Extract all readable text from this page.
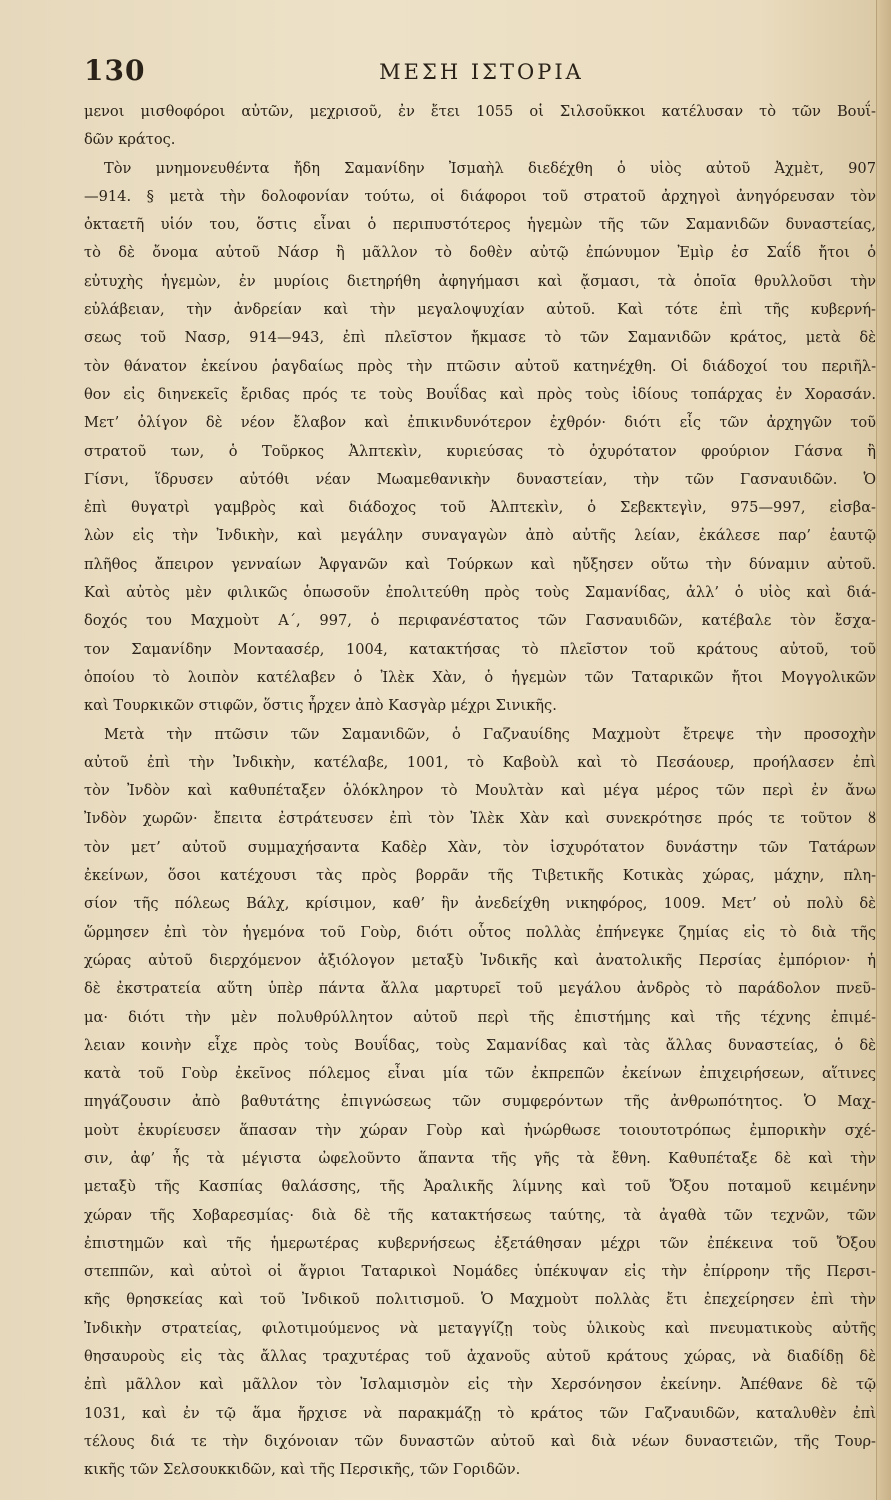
130	ΜΕΣΗ ΙΣΤΟΡΙΑ
μενοι μισθοφόροι αὐτῶν, μεχρισοῦ, ἐν ἔτει 1055 οἱ Σιλσοῦκκοι κατέλυσαν τὸ τῶν Βουΐ-
δῶν κράτος.
Τὸν μνημονευθέντα ἤδη Σαμανίδην Ἰσμαὴλ διεδέχθη ὁ υἱὸς αὐτοῦ Ἀχμὲτ, 907
—914. § μετὰ τὴν δολοφονίαν τούτω, οἱ διάφοροι τοῦ στρατοῦ ἀρχηγοὶ ἀνηγόρευσαν τὸν
ὀκταετῆ υἱόν του, ὅστις εἶναι ὁ περιπυστότερος ἡγεμὼν τῆς τῶν Σαμανιδῶν δυναστείας,
τὸ δὲ ὄνομα αὐτοῦ Νάσρ ἢ μᾶλλον τὸ δοθὲν αὐτῷ ἐπώνυμον Ἐμὶρ ἐσ Σαΐδ ἤτοι ὁ
εὐτυχὴς ἡγεμὼν, ἐν μυρίοις διετηρήθη ἀφηγήμασι καὶ ᾄσμασι, τὰ ὁποῖα θρυλλοῦσι τὴν
εὐλάβειαν, τὴν ἀνδρείαν καὶ τὴν μεγαλοψυχίαν αὐτοῦ. Καὶ τότε ἐπὶ τῆς κυβερνή-
σεως τοῦ Νασρ, 914—943, ἐπὶ πλεῖστον ἤκμασε τὸ τῶν Σαμανιδῶν κράτος, μετὰ δὲ
τὸν θάνατον ἐκείνου ῥαγδαίως πρὸς τὴν πτῶσιν αὐτοῦ κατηνέχθη. Οἱ διάδοχοί του περιῆλ-
θον εἰς διηνεκεῖς ἔριδας πρός τε τοὺς Βουΐδας καὶ πρὸς τοὺς ἰδίους τοπάρχας ἐν Χορασάν.
Μετ’ ὀλίγον δὲ νέον ἔλαβον καὶ ἐπικινδυνότερον ἐχθρόν· διότι εἷς τῶν ἀρχηγῶν τοῦ
στρατοῦ των, ὁ Τοῦρκος Ἀλπτεκὶν, κυριεύσας τὸ ὀχυρότατον φρούριον Γάσνα ἢ
Γίσνι, ἵδρυσεν αὐτόθι νέαν Μωαμεθανικὴν δυναστείαν, τὴν τῶν Γασναυιδῶν. Ὁ
ἐπὶ θυγατρὶ γαμβρὸς καὶ διάδοχος τοῦ Ἀλπτεκὶν, ὁ Σεβεκτεγὶν, 975—997, εἰσβα-
λὼν εἰς τὴν Ἰνδικὴν, καὶ μεγάλην συναγαγὼν ἀπὸ αὐτῆς λείαν, ἐκάλεσε παρ’ ἑαυτῷ
πλῆθος ἄπειρον γενναίων Ἀφγανῶν καὶ Τούρκων καὶ ηὔξησεν οὕτω τὴν δύναμιν αὐτοῦ.
Καὶ αὐτὸς μὲν φιλικῶς ὁπωσοῦν ἐπολιτεύθη πρὸς τοὺς Σαμανίδας, ἀλλ’ ὁ υἱὸς καὶ διά-
δοχός του Μαχμοὺτ Α΄, 997, ὁ περιφανέστατος τῶν Γασναυιδῶν, κατέβαλε τὸν ἔσχα-
τον Σαμανίδην Μονταασέρ, 1004, κατακτήσας τὸ πλεῖστον τοῦ κράτους αὐτοῦ, τοῦ
ὁποίου τὸ λοιπὸν κατέλαβεν ὁ Ἰλὲκ Χὰν, ὁ ἡγεμὼν τῶν Ταταρικῶν ἤτοι Μογγολικῶν
καὶ Τουρκικῶν στιφῶν, ὅστις ἦρχεν ἀπὸ Κασγὰρ μέχρι Σινικῆς.
Μετὰ τὴν πτῶσιν τῶν Σαμανιδῶν, ὁ Γαζναυίδης Μαχμοὺτ ἔτρεψε τὴν προσοχὴν
αὐτοῦ ἐπὶ τὴν Ἰνδικὴν, κατέλαβε, 1001, τὸ Καβοὺλ καὶ τὸ Πεσάουερ, προήλασεν ἐπὶ
τὸν Ἰνδὸν καὶ καθυπέταξεν ὁλόκληρον τὸ Μουλτὰν καὶ μέγα μέρος τῶν περὶ ἐν ἄνω
Ἰνδὸν χωρῶν· ἔπειτα ἐστράτευσεν ἐπὶ τὸν Ἰλὲκ Χὰν καὶ συνεκρότησε πρός τε τοῦτον ȣ
τὸν μετ’ αὐτοῦ συμμαχήσαντα Καδὲρ Χὰν, τὸν ἰσχυρότατον δυνάστην τῶν Τατάρων
ἐκείνων, ὅσοι κατέχουσι τὰς πρὸς βορρᾶν τῆς Τιβετικῆς Κοτικὰς χώρας, μάχην, πλη-
σίον τῆς πόλεως Βάλχ, κρίσιμον, καθ’ ἣν ἀνεδείχθη νικηφόρος, 1009. Μετ’ οὐ πολὺ δὲ
ὥρμησεν ἐπὶ τὸν ἡγεμόνα τοῦ Γοὺρ, διότι οὗτος πολλὰς ἐπήνεγκε ζημίας εἰς τὸ διὰ τῆς
χώρας αὐτοῦ διερχόμενον ἀξιόλογον μεταξὺ Ἰνδικῆς καὶ ἀνατολικῆς Περσίας ἐμπόριον· ἡ
δὲ ἐκστρατεία αὕτη ὑπὲρ πάντα ἄλλα μαρτυρεῖ τοῦ μεγάλου ἀνδρὸς τὸ παράδολον πνεῦ-
μα· διότι τὴν μὲν πολυθρύλλητον αὐτοῦ περὶ τῆς ἐπιστήμης καὶ τῆς τέχνης ἐπιμέ-
λειαν κοινὴν εἶχε πρὸς τοὺς Βουΐδας, τοὺς Σαμανίδας καὶ τὰς ἄλλας δυναστείας, ὁ δὲ
κατὰ τοῦ Γοὺρ ἐκεῖνος πόλεμος εἶναι μία τῶν ἐκπρεπῶν ἐκείνων ἐπιχειρήσεων, αἵτινες
πηγάζουσιν ἀπὸ βαθυτάτης ἐπιγνώσεως τῶν συμφερόντων τῆς ἀνθρωπότητος. Ὁ Μαχ-
μοὺτ ἐκυρίευσεν ἅπασαν τὴν χώραν Γοὺρ καὶ ἠνώρθωσε τοιουτοτρόπως ἐμπορικὴν σχέ-
σιν, ἀφ’ ἧς τὰ μέγιστα ὠφελοῦντο ἅπαντα τῆς γῆς τὰ ἔθνη. Καθυπέταξε δὲ καὶ τὴν
μεταξὺ τῆς Κασπίας θαλάσσης, τῆς Ἀραλικῆς λίμνης καὶ τοῦ Ὄξου ποταμοῦ κειμένην
χώραν τῆς Χοβαρεσμίας· διὰ δὲ τῆς κατακτήσεως ταύτης, τὰ ἀγαθὰ τῶν τεχνῶν, τῶν
ἐπιστημῶν καὶ τῆς ἡμερωτέρας κυβερνήσεως ἐξετάθησαν μέχρι τῶν ἐπέκεινα τοῦ Ὄξου
στεππῶν, καὶ αὐτοὶ οἱ ἄγριοι Ταταρικοὶ Νομάδες ὑπέκυψαν εἰς τὴν ἐπίρροην τῆς Περσι-
κῆς θρησκείας καὶ τοῦ Ἰνδικοῦ πολιτισμοῦ. Ὁ Μαχμοὺτ πολλὰς ἔτι ἐπεχείρησεν ἐπὶ τὴν
Ἰνδικὴν στρατείας, φιλοτιμούμενος νὰ μεταγγίζῃ τοὺς ὑλικοὺς καὶ πνευματικοὺς αὐτῆς
θησαυροὺς εἰς τὰς ἄλλας τραχυτέρας τοῦ ἀχανοῦς αὐτοῦ κράτους χώρας, νὰ διαδίδῃ δὲ
ἐπὶ μᾶλλον καὶ μᾶλλον τὸν Ἰσλαμισμὸν εἰς τὴν Χερσόνησον ἐκείνην. Ἀπέθανε δὲ τῷ
1031, καὶ ἐν τῷ ἅμα ἤρχισε νὰ παρακμάζῃ τὸ κράτος τῶν Γαζναυιδῶν, καταλυθὲν ἐπὶ
τέλους διά τε τὴν διχόνοιαν τῶν δυναστῶν αὐτοῦ καὶ διὰ νέων δυναστειῶν, τῆς Τουρ-
κικῆς τῶν Σελσουκκιδῶν, καὶ τῆς Περσικῆς, τῶν Γοριδῶν.
